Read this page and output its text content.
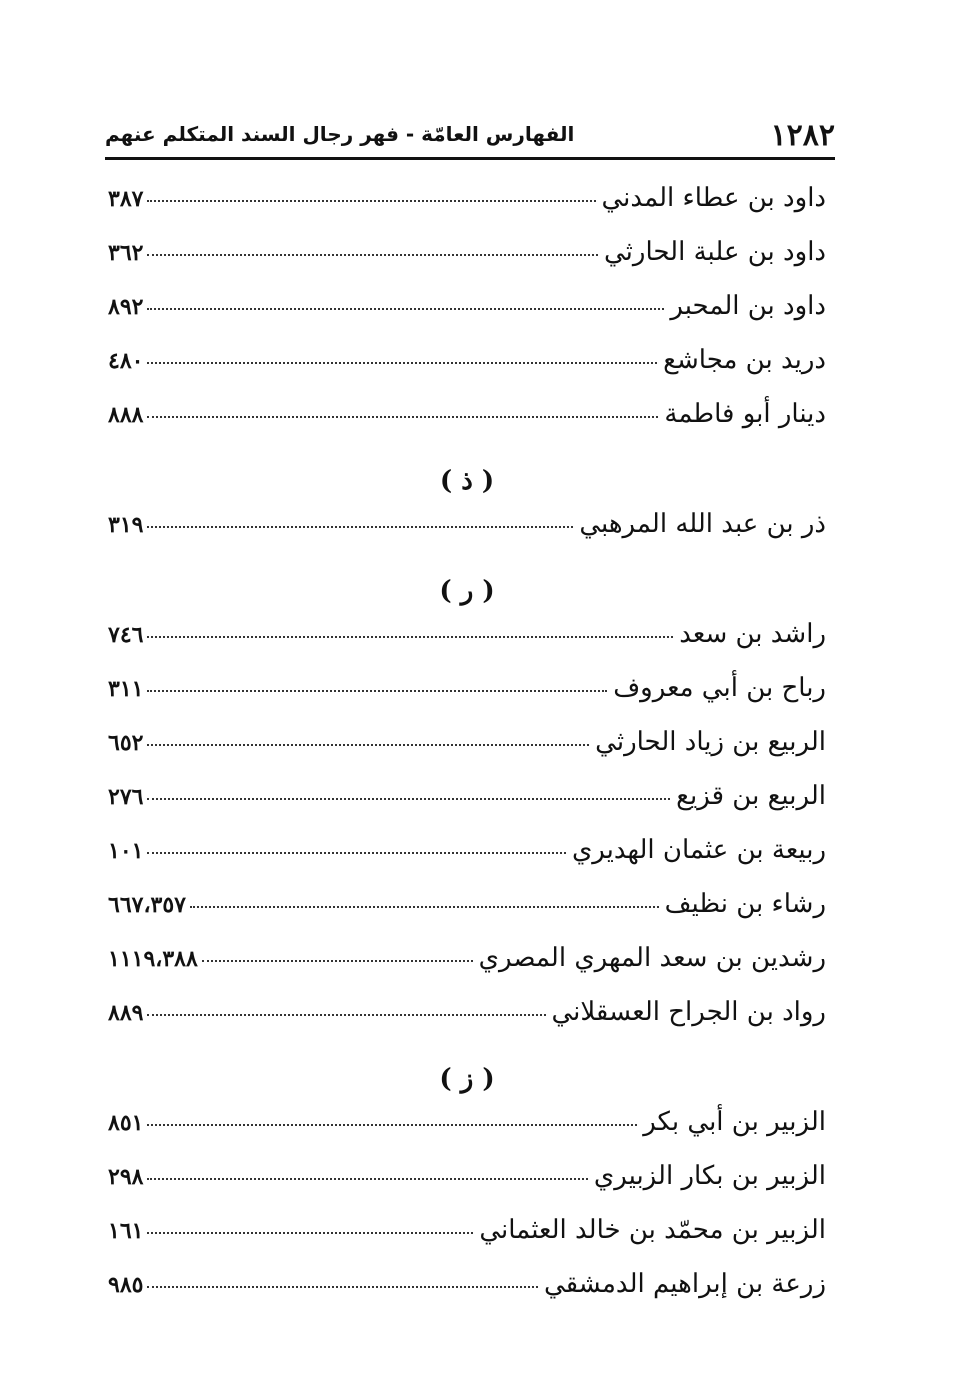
١٢٨٢
الفهارس العامّة - فهر رجال السند المتكلم عنهم
داود بن عطاء المدني
٣٨٧
داود بن علبة الحارثي
٣٦٢
داود بن المحبر
٨٩٢
دريد بن مجاشع
٤٨٠
دينار أبو فاطمة
٨٨٨
( ذ )
ذر بن عبد الله المرهبي
٣١٩
( ر )
راشد بن سعد
٧٤٦
رباح بن أبي معروف
٣١١
الربيع بن زياد الحارثي
٦٥٢
الربيع بن قزيع
٢٧٦
ربيعة بن عثمان الهديري
١٠١
رشاء بن نظيف
٦٦٧،٣٥٧
رشدين بن سعد المهري المصري
١١١٩،٣٨٨
رواد بن الجراح العسقلاني
٨٨٩
( ز )
الزبير بن أبي بكر
٨٥١
الزبير بن بكار الزبيري
٢٩٨
الزبير بن محمّد بن خالد العثماني
١٦١
زرعة بن إبراهيم الدمشقي
٩٨٥
